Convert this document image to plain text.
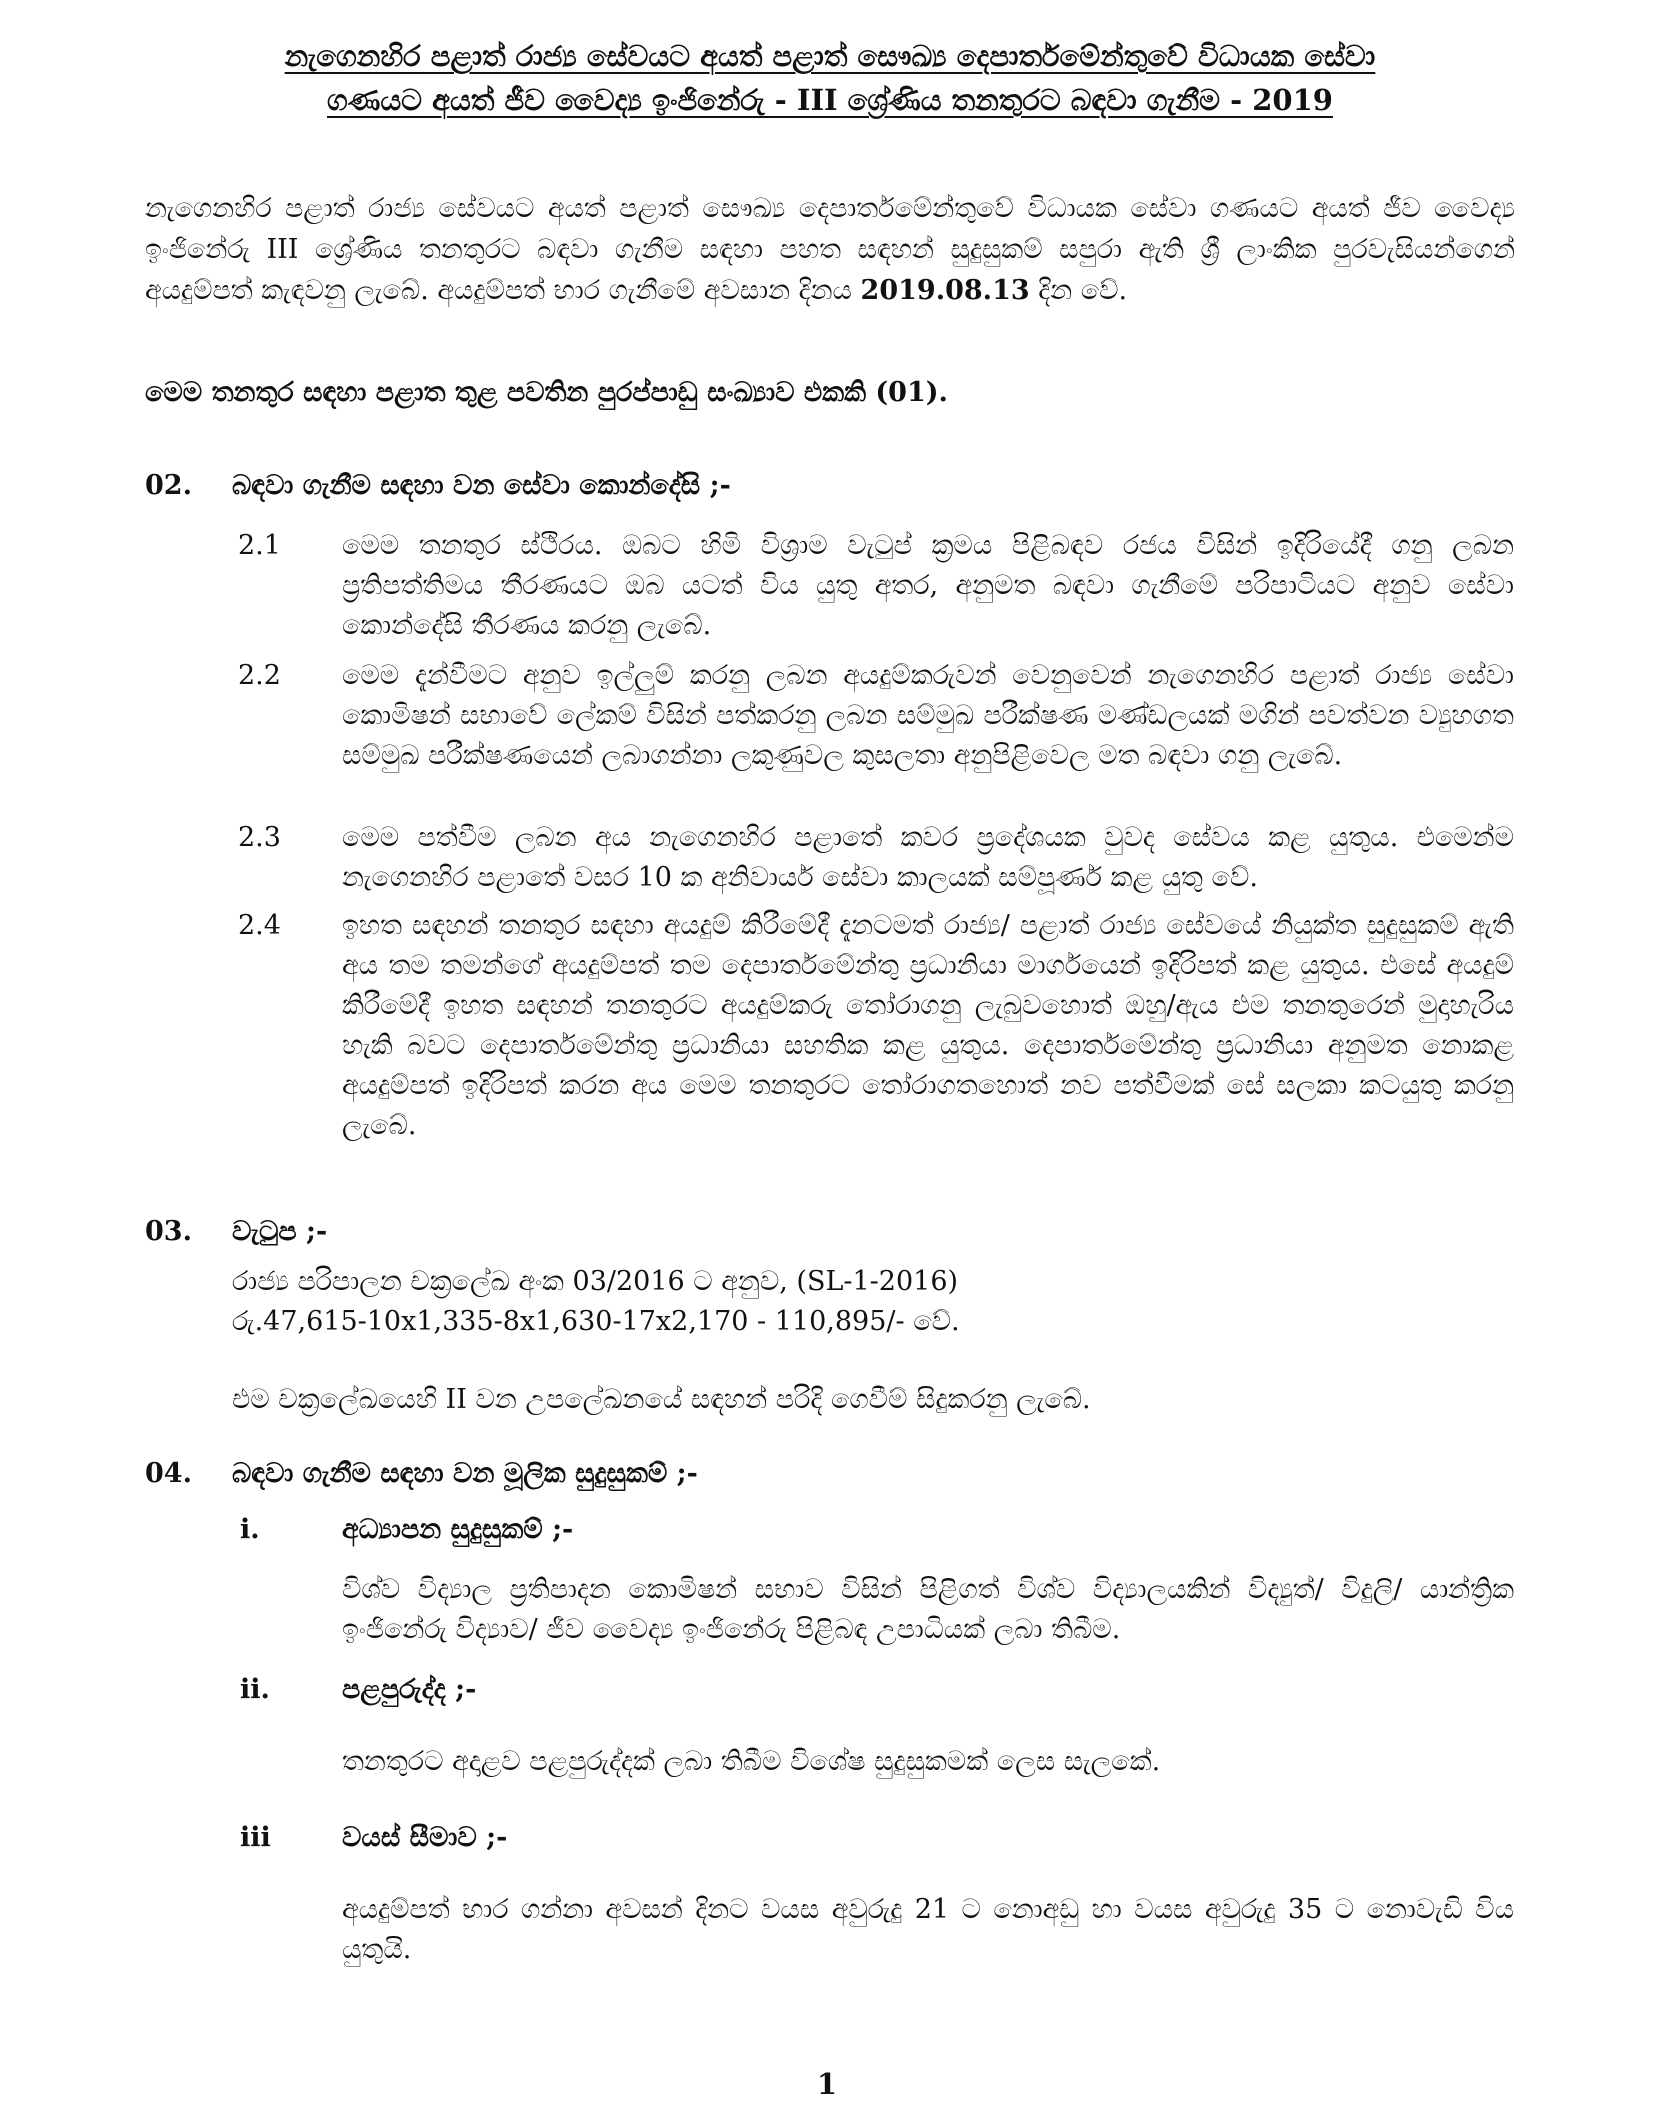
නැගෙනහිර පළාත් රාජ්‍ය සේවයට අයත් පළාත් සෞඛ්‍ය දෙපාර්තමේන්තුවේ විධායක සේවා
ගණයට අයත් ජීව වෛද්‍ය ඉංජිනේරු - III ශ්‍රේණිය තනතුරට බඳවා ගැනීම - 2019
නැගෙනහිර පළාත් රාජ්‍ය සේවයට අයත් පළාත් සෞඛ්‍ය දෙපාර්තමේන්තුවේ විධායක සේවා ගණයට අයත් ජීව වෛද්‍ය ඉංජිනේරු III ශ්‍රේණිය තනතුරට බඳවා ගැනීම සඳහා පහත සඳහන් සුදුසුකම් සපුරා ඇති ශ්‍රී ලාංකික පුරවැසියන්ගෙන් අයදුම්පත් කැඳවනු ලැබේ. අයදුම්පත් භාර ගැනීමේ අවසාන දිනය 2019.08.13 දින වේ.
මෙම තනතුර සඳහා පළාත තුළ පවතින පුරප්පාඩු සංඛ්‍යාව එකකි (01).
02. බඳවා ගැනීම සඳහා වන සේවා කොන්දේසි ;-
2.1 මෙම තනතුර ස්ථිරය. ඔබට හිමි විශ්‍රාම වැටුප් ක්‍රමය පිළිබඳව රජය විසින් ඉදිරියේදී ගනු ලබන ප්‍රතිපත්තිමය තීරණයට ඔබ යටත් විය යුතු අතර, අනුමත බඳවා ගැනීමේ පරිපාටියට අනුව සේවා කොන්දේසි තීරණය කරනු ලැබේ.
2.2 මෙම දැන්වීමට අනුව ඉල්ලුම් කරනු ලබන අයදුම්කරුවන් වෙනුවෙන් නැගෙනහිර පළාත් රාජ්‍ය සේවා කොමිෂන් සභාවේ ලේකම් විසින් පත්කරනු ලබන සම්මුඛ පරීක්ෂණ මණ්ඩලයක් මගින් පවත්වන ව්‍යුහගත සම්මුඛ පරීක්ෂණයෙන් ලබාගන්නා ලකුණුවල කුසලතා අනුපිළිවෙල මත බඳවා ගනු ලැබේ.
2.3 මෙම පත්වීම ලබන අය නැගෙනහිර පළාතේ කවර ප්‍රදේශයක වුවද සේවය කළ යුතුය. එමෙන්ම නැගෙනහිර පළාතේ වසර 10 ක අනිවාර්ය සේවා කාලයක් සම්පූර්ණ කළ යුතු වේ.
2.4 ඉහත සඳහන් තනතුර සඳහා අයදුම් කිරීමේදී දැනටමත් රාජ්‍ය/ පළාත් රාජ්‍ය සේවයේ නියුක්ත සුදුසුකම් ඇති අය තම තමන්ගේ අයදුම්පත් තම දෙපාර්තමේන්තු ප්‍රධානියා මාර්ගයෙන් ඉදිරිපත් කළ යුතුය. එසේ අයදුම් කිරීමේදී ඉහත සඳහන් තනතුරට අයදුම්කරු තෝරාගනු ලැබුවහොත් ඔහු/ඇය එම තනතුරෙන් මුදාහැරිය හැකි බවට දෙපාර්තමේන්තු ප්‍රධානියා සහතික කළ යුතුය. දෙපාර්තමේන්තු ප්‍රධානියා අනුමත නොකළ අයදුම්පත් ඉදිරිපත් කරන අය මෙම තනතුරට තෝරාගතහොත් නව පත්වීමක් සේ සලකා කටයුතු කරනු ලැබේ.
03. වැටුප ;-
රාජ්‍ය පරිපාලන චක්‍රලේඛ අංක 03/2016 ට අනුව, (SL-1-2016)
රු.47,615-10x1,335-8x1,630-17x2,170 - 110,895/- වේ.
එම චක්‍රලේඛයෙහි II වන උපලේඛනයේ සඳහන් පරිදි ගෙවීම් සිදුකරනු ලැබේ.
04. බඳවා ගැනීම සඳහා වන මූලික සුදුසුකම් ;-
i.	අධ්‍යාපන සුදුසුකම් ;-
විශ්ව විද්‍යාල ප්‍රතිපාදන කොමිෂන් සභාව විසින් පිළිගත් විශ්ව විද්‍යාලයකින් විද්‍යුත්/ විදුලි/ යාන්ත්‍රික ඉංජිනේරු විද්‍යාව/ ජීව වෛද්‍ය ඉංජිනේරු පිළිබඳ උපාධියක් ලබා තිබීම.
ii.	පළපුරුද්ද ;-
තනතුරට අදාළව පළපුරුද්දක් ලබා තිබීම විශේෂ සුදුසුකමක් ලෙස සැලකේ.
iii	වයස් සීමාව ;-
අයදුම්පත් භාර ගන්නා අවසන් දිනට වයස අවුරුදු 21 ට නොඅඩු හා වයස අවුරුදු 35 ට නොවැඩි විය යුතුයි.
1
